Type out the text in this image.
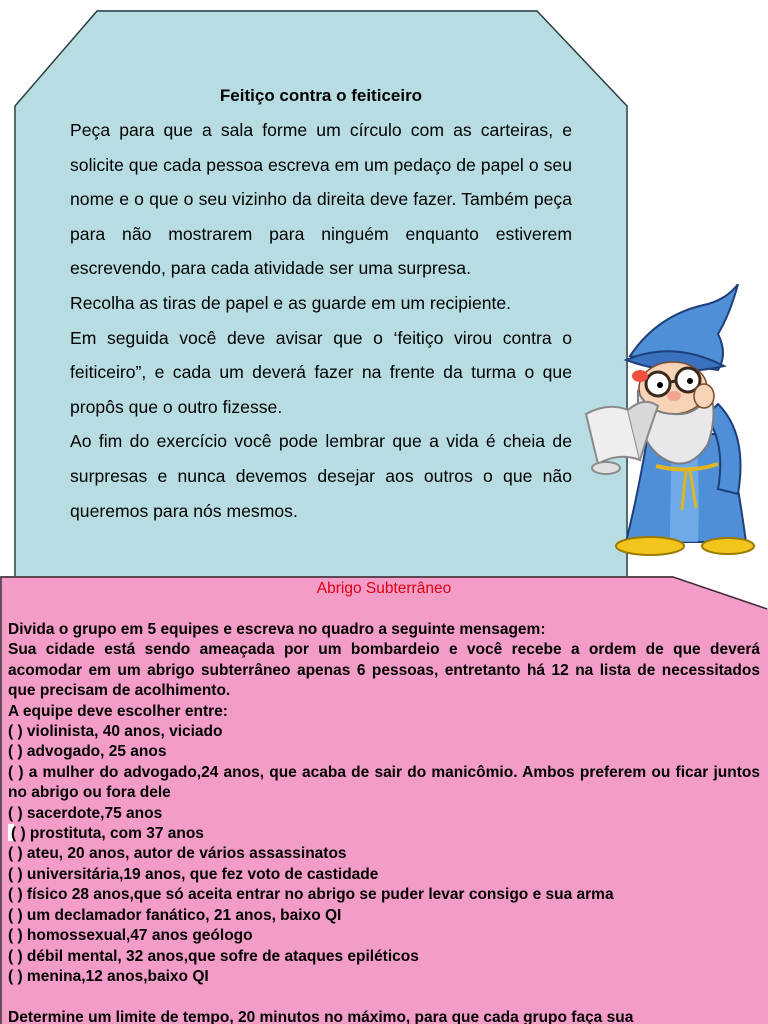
Feitiço contra o feiticeiro

Peça para que a sala forme um círculo com as carteiras, e solicite que cada pessoa escreva em um pedaço de papel o seu nome e o que o seu vizinho da direita deve fazer. Também peça para não mostrarem para ninguém enquanto estiverem escrevendo, para cada atividade ser uma surpresa.

Recolha as tiras de papel e as guarde em um recipiente.

Em seguida você deve avisar que o ‘feitiço virou contra o feiticeiro”, e cada um deverá fazer na frente da turma o que propôs que o outro fizesse.

Ao fim do exercício você pode lembrar que a vida é cheia de surpresas e nunca devemos desejar aos outros o que não queremos para nós mesmos.

Abrigo Subterrâneo
Divida o grupo em 5 equipes e escreva no quadro a seguinte mensagem:
Sua cidade está sendo ameaçada por um bombardeio e você recebe a ordem de que deverá acomodar em um abrigo subterrâneo apenas 6 pessoas, entretanto há 12 na lista de necessitados que precisam de acolhimento.
A equipe deve escolher entre:
( ) violinista, 40 anos, viciado
( ) advogado, 25 anos
( ) a mulher do advogado,24 anos, que acaba de sair do manicômio. Ambos preferem ou ficar juntos no abrigo ou fora dele
( ) sacerdote,75 anos
( ) prostituta, com 37 anos
( ) ateu, 20 anos, autor de vários assassinatos
( ) universitária,19 anos, que fez voto de castidade
( ) físico 28 anos,que só aceita entrar no abrigo se puder levar consigo e sua arma
( ) um declamador fanático, 21 anos, baixo QI
( ) homossexual,47 anos geólogo
( ) débil mental, 32 anos,que sofre de ataques epiléticos
( ) menina,12 anos,baixo QI
Determine um limite de tempo, 20 minutos no máximo, para que cada grupo faça sua
